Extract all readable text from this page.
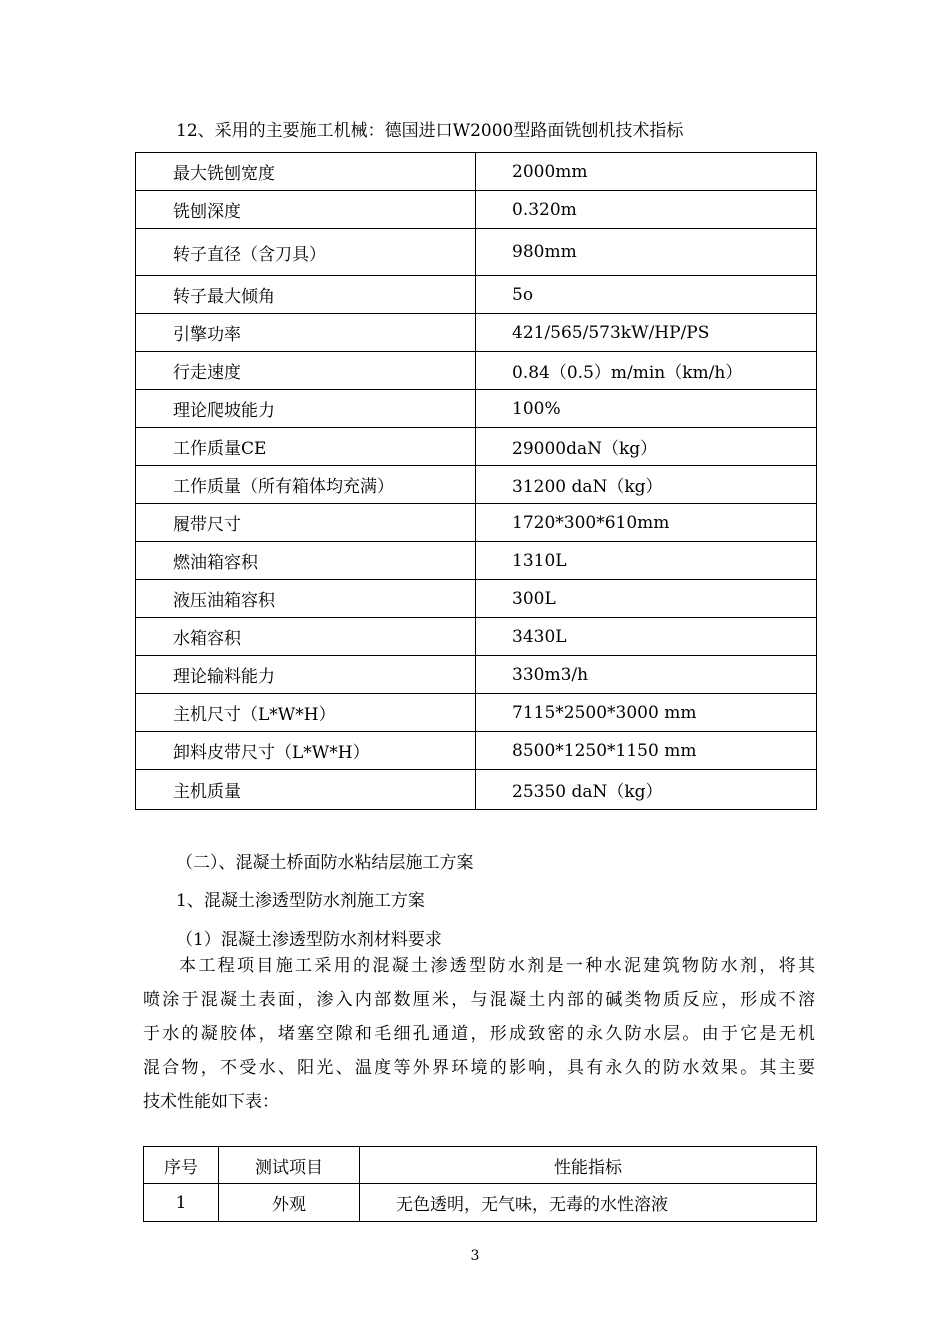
12、采用的主要施工机械：德国进口W2000型路面铣刨机技术指标
最大铣刨宽度	2000mm
铣刨深度	0.320m
转子直径（含刀具）	980mm
转子最大倾角	5o
引擎功率	421/565/573kW/HP/PS
行走速度	0.84（0.5）m/min（km/h）
理论爬坡能力	100%
工作质量CE	29000daN（kg）
工作质量（所有箱体均充满）	31200 daN（kg）
履带尺寸	1720*300*610mm
燃油箱容积	1310L
液压油箱容积	300L
水箱容积	3430L
理论输料能力	330m3/h
主机尺寸（L*W*H）	7115*2500*3000 mm
卸料皮带尺寸（L*W*H）	8500*1250*1150 mm
主机质量	25350 daN（kg）
（二）、混凝土桥面防水粘结层施工方案
1、混凝土渗透型防水剂施工方案
（1）混凝土渗透型防水剂材料要求
本工程项目施工采用的混凝土渗透型防水剂是一种水泥建筑物防水剂，将其
喷涂于混凝土表面，渗入内部数厘米，与混凝土内部的碱类物质反应，形成不溶
于水的凝胶体，堵塞空隙和毛细孔通道，形成致密的永久防水层。由于它是无机
混合物，不受水、阳光、温度等外界环境的影响，具有永久的防水效果。其主要
技术性能如下表：
序号	测试项目	性能指标
1	外观	无色透明，无气味，无毒的水性溶液
3
